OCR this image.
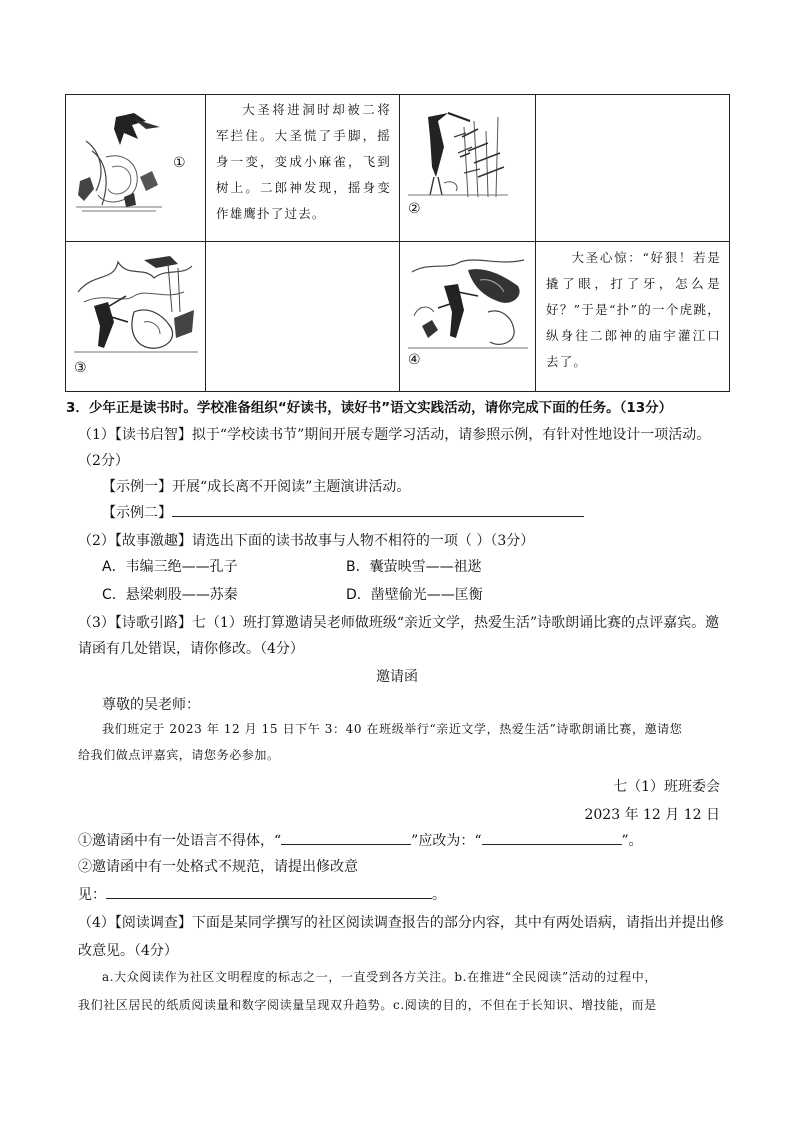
①	大圣将进洞时却被二将军拦住。大圣慌了手脚，摇身一变，变成小麻雀，飞到树上。二郎神发现，摇身变作雄鹰扑了过去。	②	

③		④	大圣心惊：“好狠！若是撬了眼，打了牙，怎么是好？”于是“扑”的一个虎跳，纵身往二郎神的庙宇灌江口去了。
3．少年正是读书时。学校准备组织“好读书，读好书”语文实践活动，请你完成下面的任务。（13分）
（1）【读书启智】拟于“学校读书节”期间开展专题学习活动，请参照示例，有针对性地设计一项活动。
（2分）
【示例一】开展“成长离不开阅读”主题演讲活动。
【示例二】
（2）【故事激趣】请选出下面的读书故事与人物不相符的一项（ ）（3分）
A．韦编三绝——孔子	B．囊萤映雪——祖逖
C．悬梁刺股——苏秦	D．凿壁偷光——匡衡
（3）【诗歌引路】七（1）班打算邀请吴老师做班级“亲近文学，热爱生活”诗歌朗诵比赛的点评嘉宾。邀
请函有几处错误，请你修改。（4分）
邀请函
尊敬的吴老师：
我们班定于 2023 年 12 月 15 日下午 3：40 在班级举行“亲近文学，热爱生活”诗歌朗诵比赛，邀请您
给我们做点评嘉宾，请您务必参加。
七（1）班班委会
2023 年 12 月 12 日
①邀请函中有一处语言不得体，“	”应改为：“	”。
②邀请函中有一处格式不规范，请提出修改意
见：	。
（4）【阅读调查】下面是某同学撰写的社区阅读调查报告的部分内容，其中有两处语病，请指出并提出修
改意见。（4分）
a.大众阅读作为社区文明程度的标志之一，一直受到各方关注。b.在推进“全民阅读”活动的过程中，
我们社区居民的纸质阅读量和数字阅读量呈现双升趋势。c.阅读的目的，不但在于长知识、增技能，而是
